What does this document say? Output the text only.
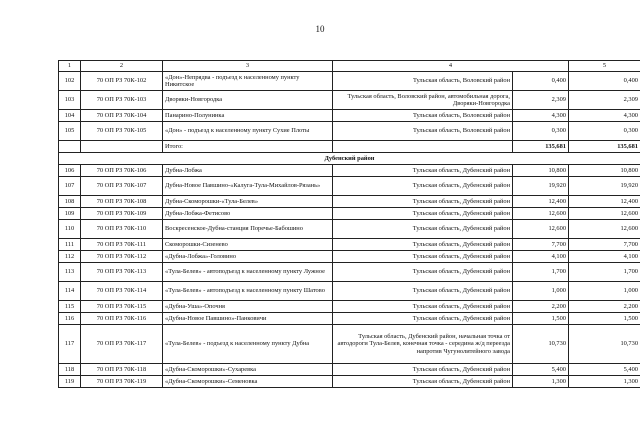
10
1	2	3	4		5
102	70 ОП РЗ 70К-102	«Дон»-Непрядва - подъезд к населенному пункту Никитское	Тульская область, Воловский район	0,400	0,400
103	70 ОП РЗ 70К-103	Дворяки-Новгородка	Тульская область, Воловский район, автомобильная дорога, Дворяки-Новгородка	2,309	2,309
104	70 ОП РЗ 70К-104	Панарино-Полунинка	Тульская область, Воловский район	4,300	4,300
105	70 ОП РЗ 70К-105	«Дон» - подъезд к населенному пункту Сухие Плоты	Тульская область, Воловский район	0,300	0,300
		Итого:		135,681	135,681
Дубенский район					
106	70 ОП РЗ 70К-106	Дубна-Лобжа	Тульская область, Дубенский район	10,800	10,800
107	70 ОП РЗ 70К-107	Дубна-Новое Павшино-«Калуга-Тула-Михайлов-Рязань»	Тульская область, Дубенский район	19,920	19,920
108	70 ОП РЗ 70К-108	Дубна-Скоморошки-«Тула-Белев»	Тульская область, Дубенский район	12,400	12,400
109	70 ОП РЗ 70К-109	Дубна-Лобжа-Фетисово	Тульская область, Дубенский район	12,600	12,600
110	70 ОП РЗ 70К-110	Воскресенское-Дубна-станция Поречье-Бабошино	Тульская область, Дубенский район	12,600	12,600
111	70 ОП РЗ 70К-111	Скоморошки-Сизенево	Тульская область, Дубенский район	7,700	7,700
112	70 ОП РЗ 70К-112	«Дубна-Лобжа»-Головино	Тульская область, Дубенский район	4,100	4,100
113	70 ОП РЗ 70К-113	«Тула-Белев» - автоподъезд к населенному пункту Лужное	Тульская область, Дубенский район	1,700	1,700
114	70 ОП РЗ 70К-114	«Тула-Белев» - автоподъезд к населенному пункту Шатово	Тульская область, Дубенский район	1,000	1,000
115	70 ОП РЗ 70К-115	«Дубна-Уша»-Опочня	Тульская область, Дубенский район	2,200	2,200
116	70 ОП РЗ 70К-116	«Дубна-Новое Павшино»-Панковичи	Тульская область, Дубенский район	1,500	1,500
117	70 ОП РЗ 70К-117	«Тула-Белев» - подъезд к населенному пункту Дубна	Тульская область, Дубенский район, начальная точка от автодороги Тула-Белев, конечная точка - середина ж/д переезда напротив Чугунолитейного завода	10,730	10,730
118	70 ОП РЗ 70К-118	«Дубна-Скоморошки»-Сухаревка	Тульская область, Дубенский район	5,400	5,400
119	70 ОП РЗ 70К-119	«Дубна-Скоморошки»-Семеновка	Тульская область, Дубенский район	1,300	1,300
